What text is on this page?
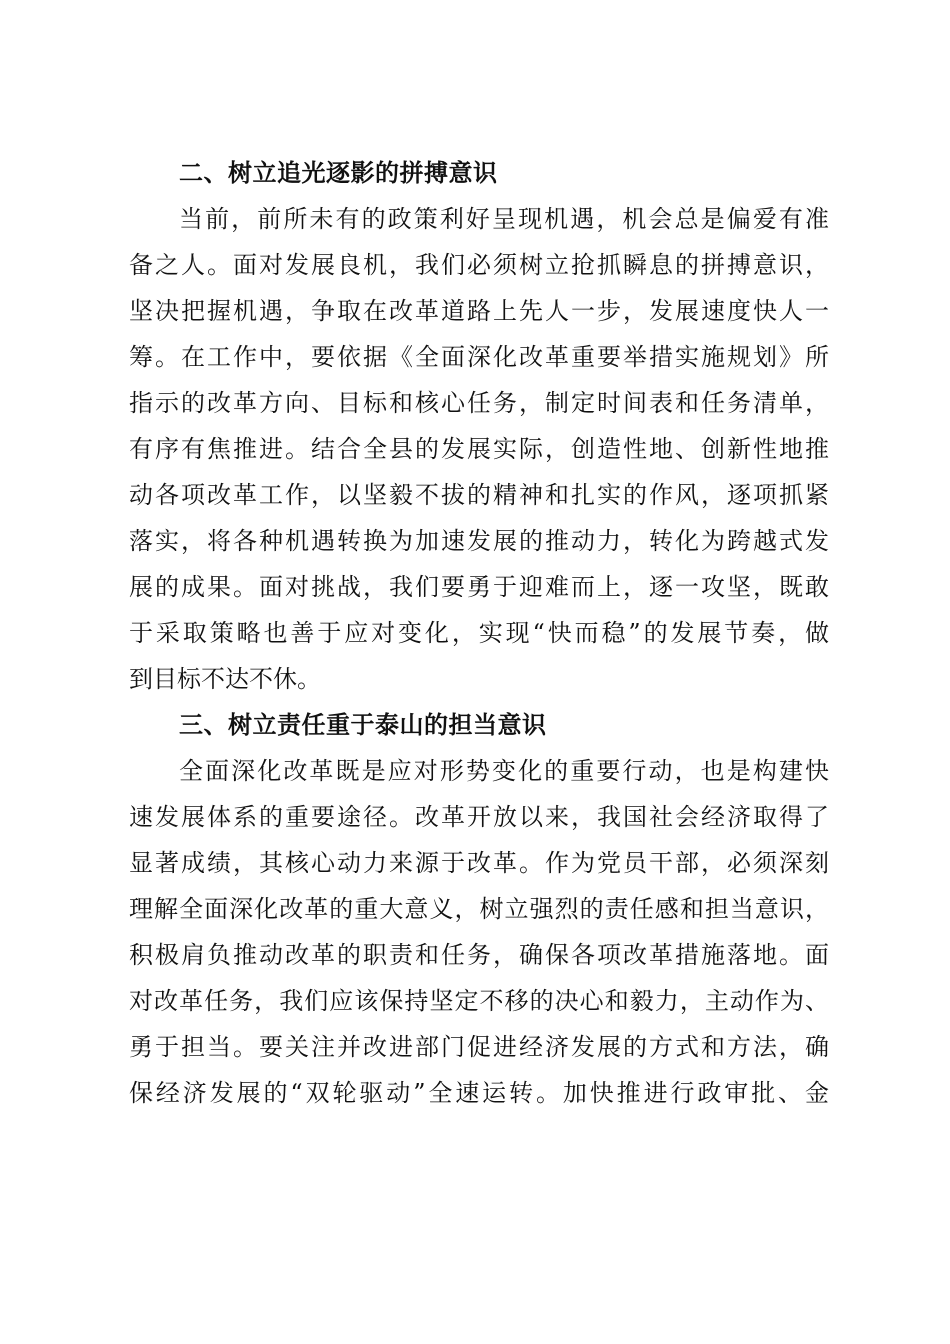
二、树立追光逐影的拼搏意识
当前，前所未有的政策利好呈现机遇，机会总是偏爱有准
备之人。面对发展良机，我们必须树立抢抓瞬息的拼搏意识，
坚决把握机遇，争取在改革道路上先人一步，发展速度快人一
筹。在工作中，要依据《全面深化改革重要举措实施规划》所
指示的改革方向、目标和核心任务，制定时间表和任务清单，
有序有焦推进。结合全县的发展实际，创造性地、创新性地推
动各项改革工作，以坚毅不拔的精神和扎实的作风，逐项抓紧
落实，将各种机遇转换为加速发展的推动力，转化为跨越式发
展的成果。面对挑战，我们要勇于迎难而上，逐一攻坚，既敢
于采取策略也善于应对变化，实现“快而稳”的发展节奏，做
到目标不达不休。
三、树立责任重于泰山的担当意识
全面深化改革既是应对形势变化的重要行动，也是构建快
速发展体系的重要途径。改革开放以来，我国社会经济取得了
显著成绩，其核心动力来源于改革。作为党员干部，必须深刻
理解全面深化改革的重大意义，树立强烈的责任感和担当意识，
积极肩负推动改革的职责和任务，确保各项改革措施落地。面
对改革任务，我们应该保持坚定不移的决心和毅力，主动作为、
勇于担当。要关注并改进部门促进经济发展的方式和方法，确
保经济发展的“双轮驱动”全速运转。加快推进行政审批、金
